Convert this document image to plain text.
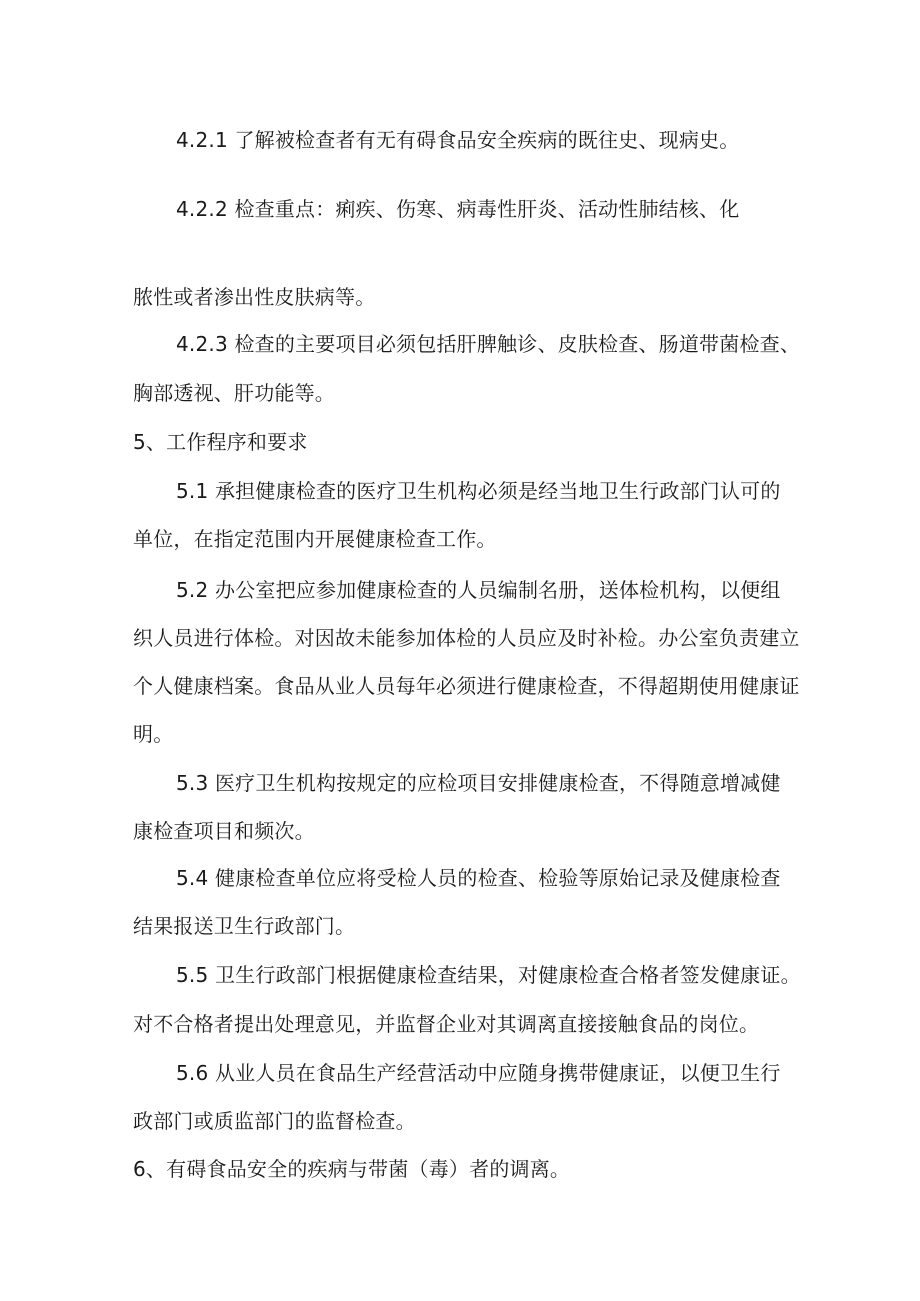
4.2.1 了解被检查者有无有碍食品安全疾病的既往史、现病史。
4.2.2 检查重点：痢疾、伤寒、病毒性肝炎、活动性肺结核、化
脓性或者渗出性皮肤病等。
4.2.3 检查的主要项目必须包括肝脾触诊、皮肤检查、肠道带菌检查、
胸部透视、肝功能等。
5、工作程序和要求
5.1 承担健康检查的医疗卫生机构必须是经当地卫生行政部门认可的
单位，在指定范围内开展健康检查工作。
5.2 办公室把应参加健康检查的人员编制名册，送体检机构，以便组
织人员进行体检。对因故未能参加体检的人员应及时补检。办公室负责建立
个人健康档案。食品从业人员每年必须进行健康检查，不得超期使用健康证
明。
5.3 医疗卫生机构按规定的应检项目安排健康检查，不得随意增减健
康检查项目和频次。
5.4 健康检查单位应将受检人员的检查、检验等原始记录及健康检查
结果报送卫生行政部门。
5.5 卫生行政部门根据健康检查结果，对健康检查合格者签发健康证。
对不合格者提出处理意见，并监督企业对其调离直接接触食品的岗位。
5.6 从业人员在食品生产经营活动中应随身携带健康证，以便卫生行
政部门或质监部门的监督检查。
6、有碍食品安全的疾病与带菌（毒）者的调离。
